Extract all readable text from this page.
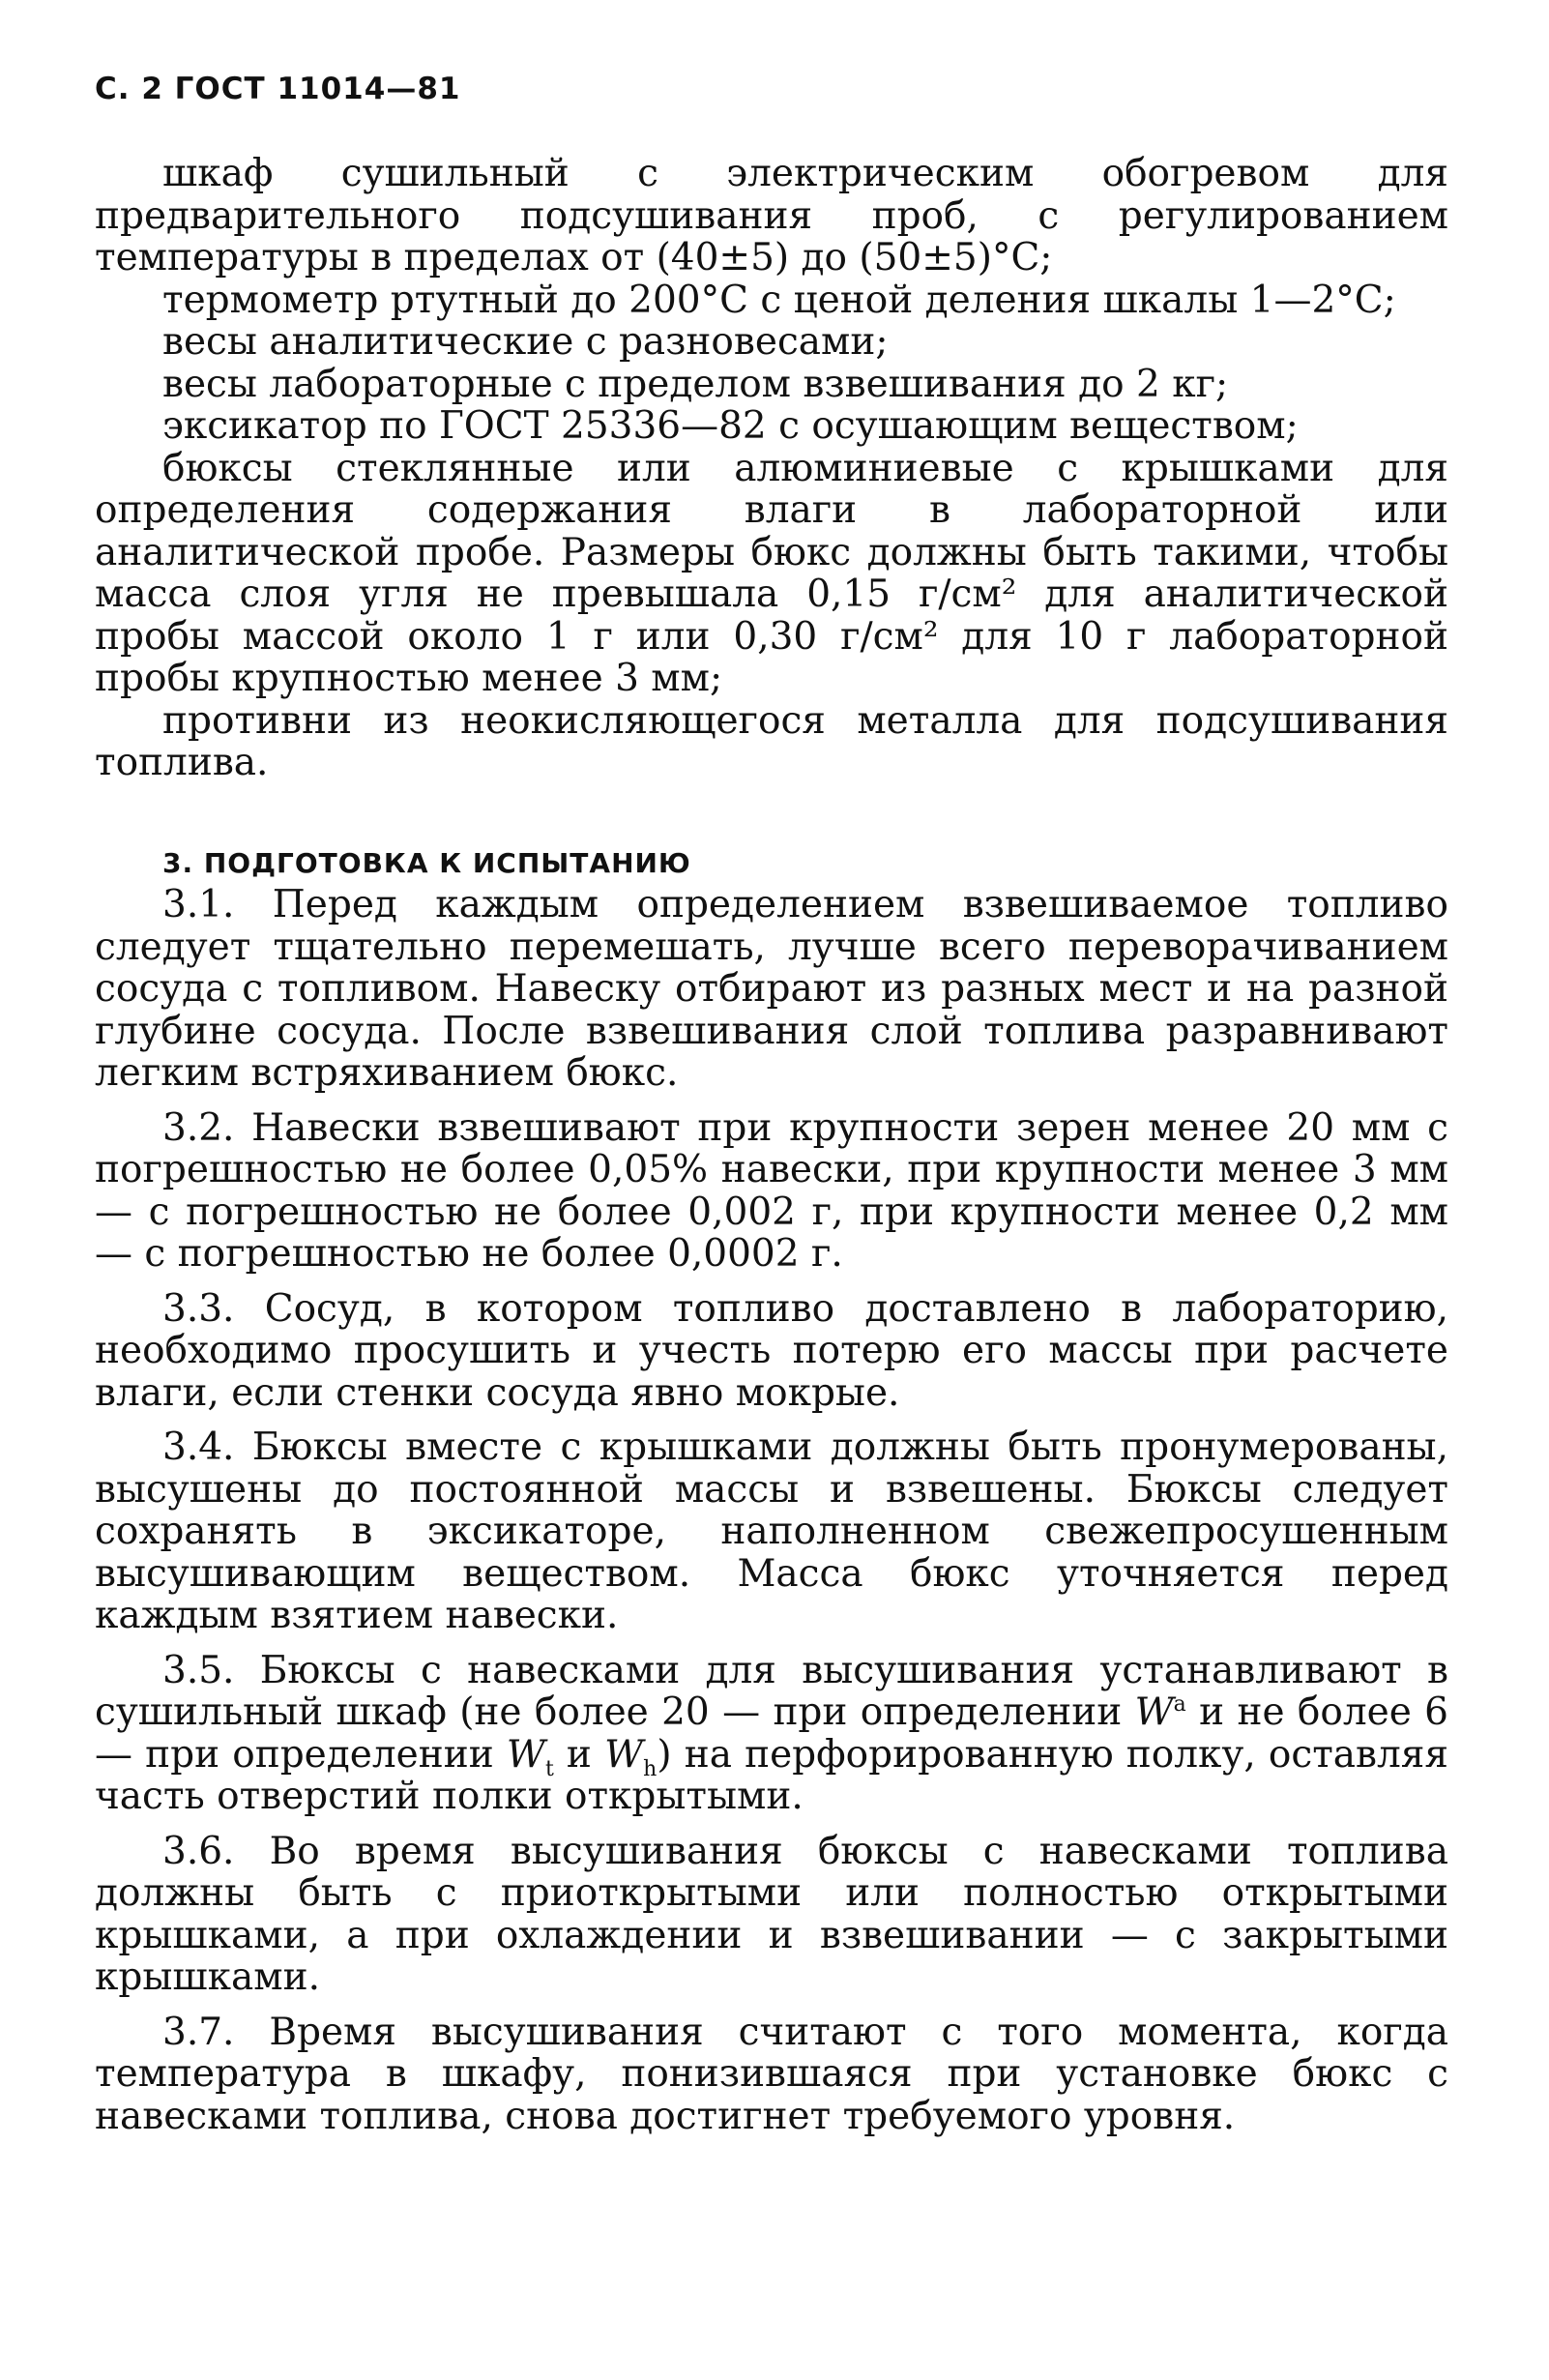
С. 2 ГОСТ 11014—81

шкаф сушильный с электрическим обогревом для предварительного подсушивания проб, с регулированием температуры в пределах от (40±5) до (50±5)°С;

термометр ртутный до 200°С с ценой деления шкалы 1—2°С;

весы аналитические с разновесами;

весы лабораторные с пределом взвешивания до 2 кг;

эксикатор по ГОСТ 25336—82 с осушающим веществом;

бюксы стеклянные или алюминиевые с крышками для определения содержания влаги в лабораторной или аналитической пробе. Размеры бюкс должны быть такими, чтобы масса слоя угля не превышала 0,15 г/см² для аналитической пробы массой около 1 г или 0,30 г/см² для 10 г лабораторной пробы крупностью менее 3 мм;

противни из неокисляющегося металла для подсушивания топлива.

3. ПОДГОТОВКА К ИСПЫТАНИЮ

3.1. Перед каждым определением взвешиваемое топливо следует тщательно перемешать, лучше всего переворачиванием сосуда с топливом. Навеску отбирают из разных мест и на разной глубине сосуда. После взвешивания слой топлива разравнивают легким встряхиванием бюкс.

3.2. Навески взвешивают при крупности зерен менее 20 мм с погрешностью не более 0,05% навески, при крупности менее 3 мм — с погрешностью не более 0,002 г, при крупности менее 0,2 мм — с погрешностью не более 0,0002 г.

3.3. Сосуд, в котором топливо доставлено в лабораторию, необходимо просушить и учесть потерю его массы при расчете влаги, если стенки сосуда явно мокрые.

3.4. Бюксы вместе с крышками должны быть пронумерованы, высушены до постоянной массы и взвешены. Бюксы следует сохранять в эксикаторе, наполненном свежепросушенным высушивающим веществом. Масса бюкс уточняется перед каждым взятием навески.

3.5. Бюксы с навесками для высушивания устанавливают в сушильный шкаф (не более 20 — при определении $W^a$ и не более 6 — при определении $W_t$ и $W_h$) на перфорированную полку, оставляя часть отверстий полки открытыми.

3.6. Во время высушивания бюксы с навесками топлива должны быть с приоткрытыми или полностью открытыми крышками, а при охлаждении и взвешивании — с закрытыми крышками.

3.7. Время высушивания считают с того момента, когда температура в шкафу, понизившаяся при установке бюкс с навесками топлива, снова достигнет требуемого уровня.
